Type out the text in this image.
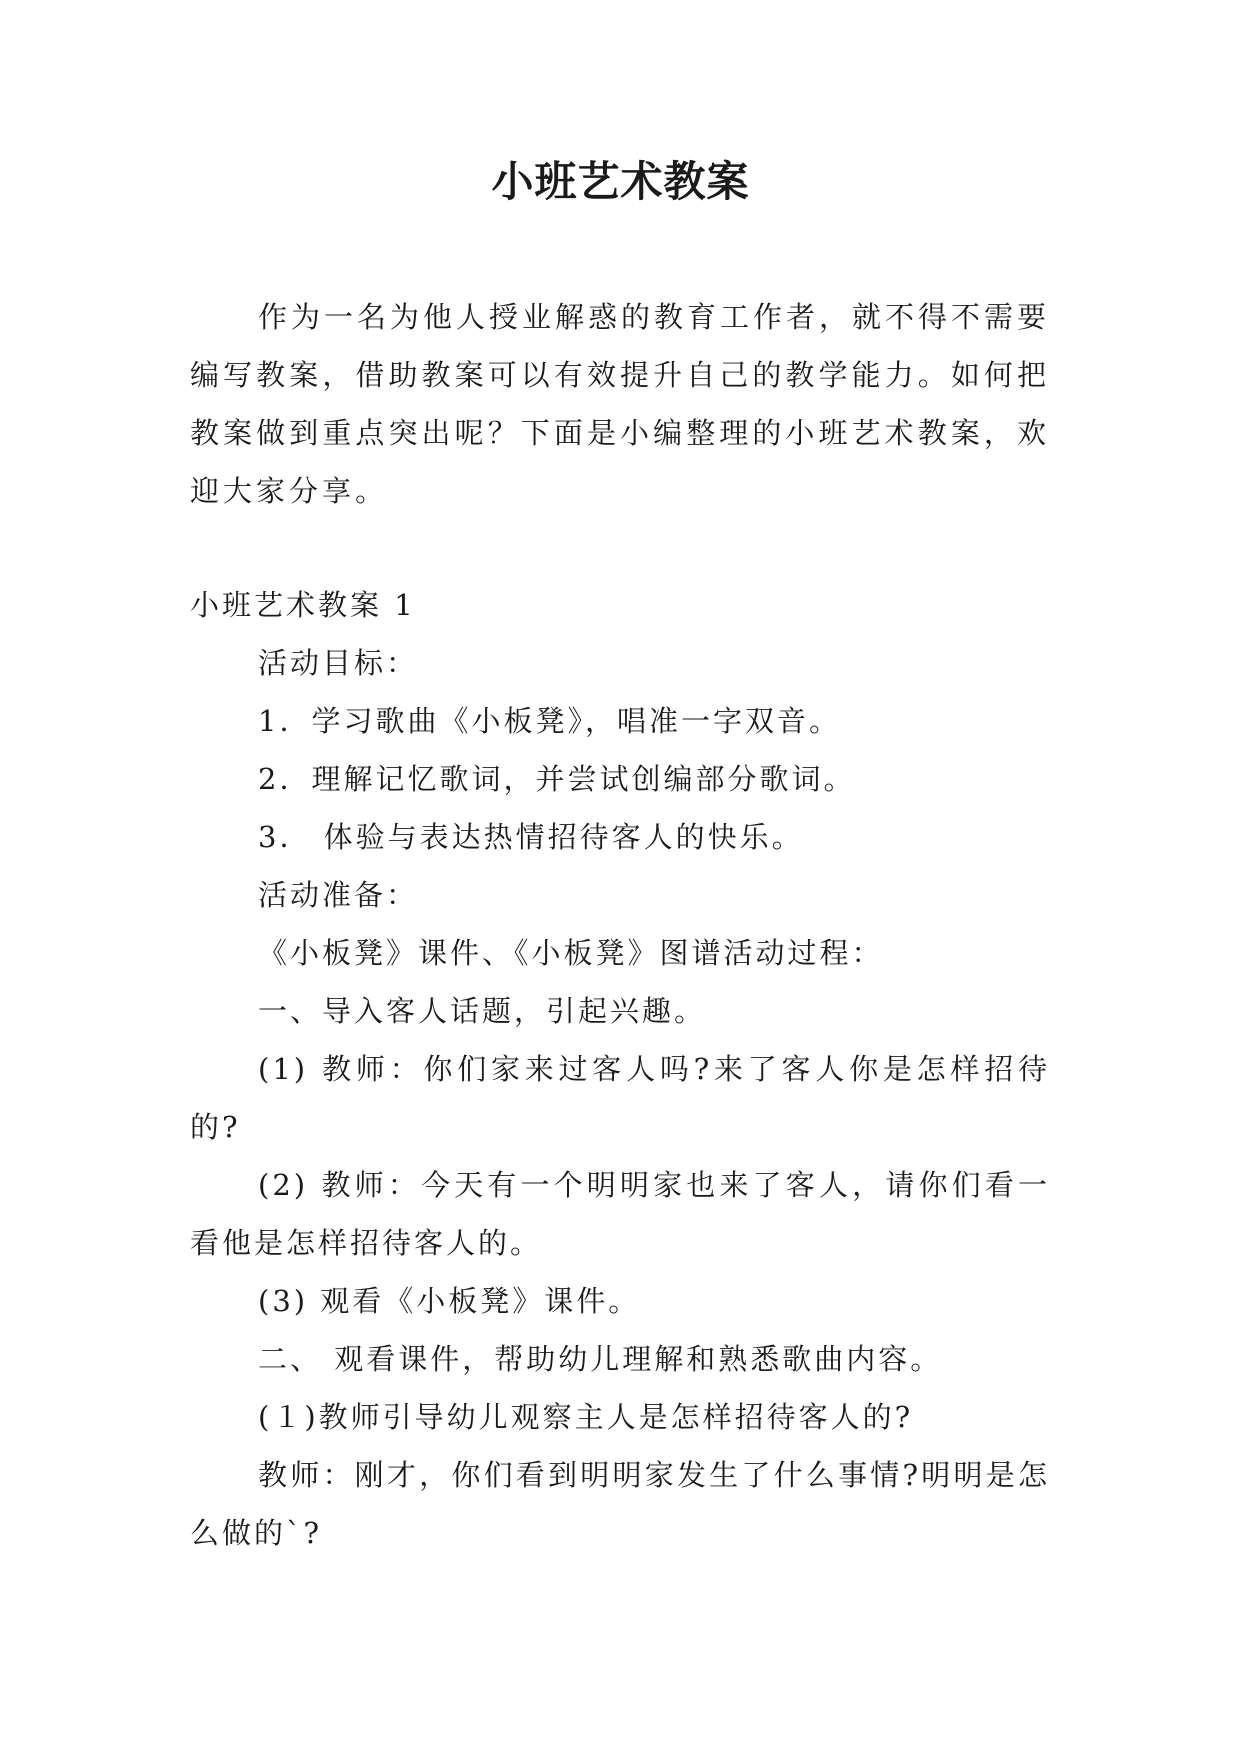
小班艺术教案
作为一名为他人授业解惑的教育工作者，就不得不需要编写教案，借助教案可以有效提升自己的教学能力。如何把教案做到重点突出呢？下面是小编整理的小班艺术教案，欢迎大家分享。
小班艺术教案 1
活动目标：
1．学习歌曲《小板凳》，唱准一字双音。
2．理解记忆歌词，并尝试创编部分歌词。
3． 体验与表达热情招待客人的快乐。
活动准备：
《小板凳》课件、《小板凳》图谱活动过程：
一、导入客人话题，引起兴趣。
(1) 教师：你们家来过客人吗?来了客人你是怎样招待的?
(2) 教师：今天有一个明明家也来了客人，请你们看一看他是怎样招待客人的。
(3) 观看《小板凳》课件。
二、 观看课件，帮助幼儿理解和熟悉歌曲内容。
(１)教师引导幼儿观察主人是怎样招待客人的?
教师：刚才，你们看到明明家发生了什么事情?明明是怎么做的`?
